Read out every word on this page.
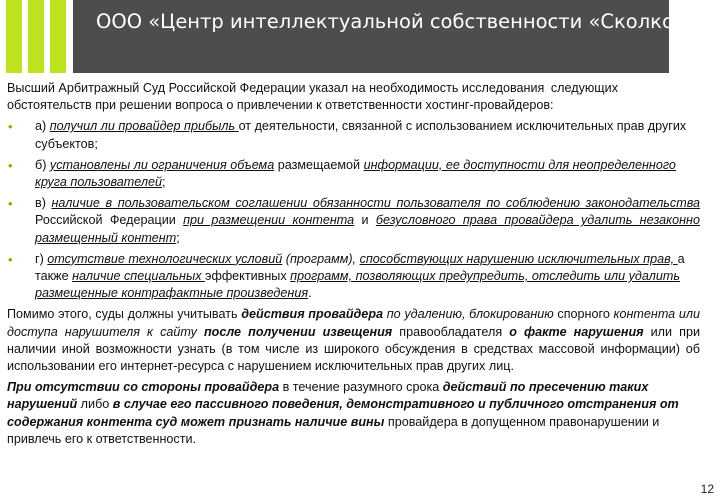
ООО «Центр интеллектуальной собственности «Сколково»

Высший Арбитражный Суд Российской Федерации указал на необходимость исследования следующих обстоятельств при решении вопроса о привлечении к ответственности хостинг-провайдеров:

• а) получил ли провайдер прибыль от деятельности, связанной с использованием исключительных прав других субъектов;

• б) установлены ли ограничения объема размещаемой информации, ее доступности для неопределенного круга пользователей;

• в) наличие в пользовательском соглашении обязанности пользователя по соблюдению законодательства Российской Федерации при размещении контента и безусловного права провайдера удалить незаконно размещенный контент;

• г) отсутствие технологических условий (программ), способствующих нарушению исключительных прав, а также наличие специальных эффективных программ, позволяющих предупредить, отследить или удалить размещенные контрафактные произведения.

Помимо этого, суды должны учитывать действия провайдера по удалению, блокированию спорного контента или доступа нарушителя к сайту после получении извещения правообладателя о факте нарушения или при наличии иной возможности узнать (в том числе из широкого обсуждения в средствах массовой информации) об использовании его интернет-ресурса с нарушением исключительных прав других лиц.

При отсутствии со стороны провайдера в течение разумного срока действий по пресечению таких нарушений либо в случае его пассивного поведения, демонстративного и публичного отстранения от содержания контента суд может признать наличие вины провайдера в допущенном правонарушении и привлечь его к ответственности.

12
